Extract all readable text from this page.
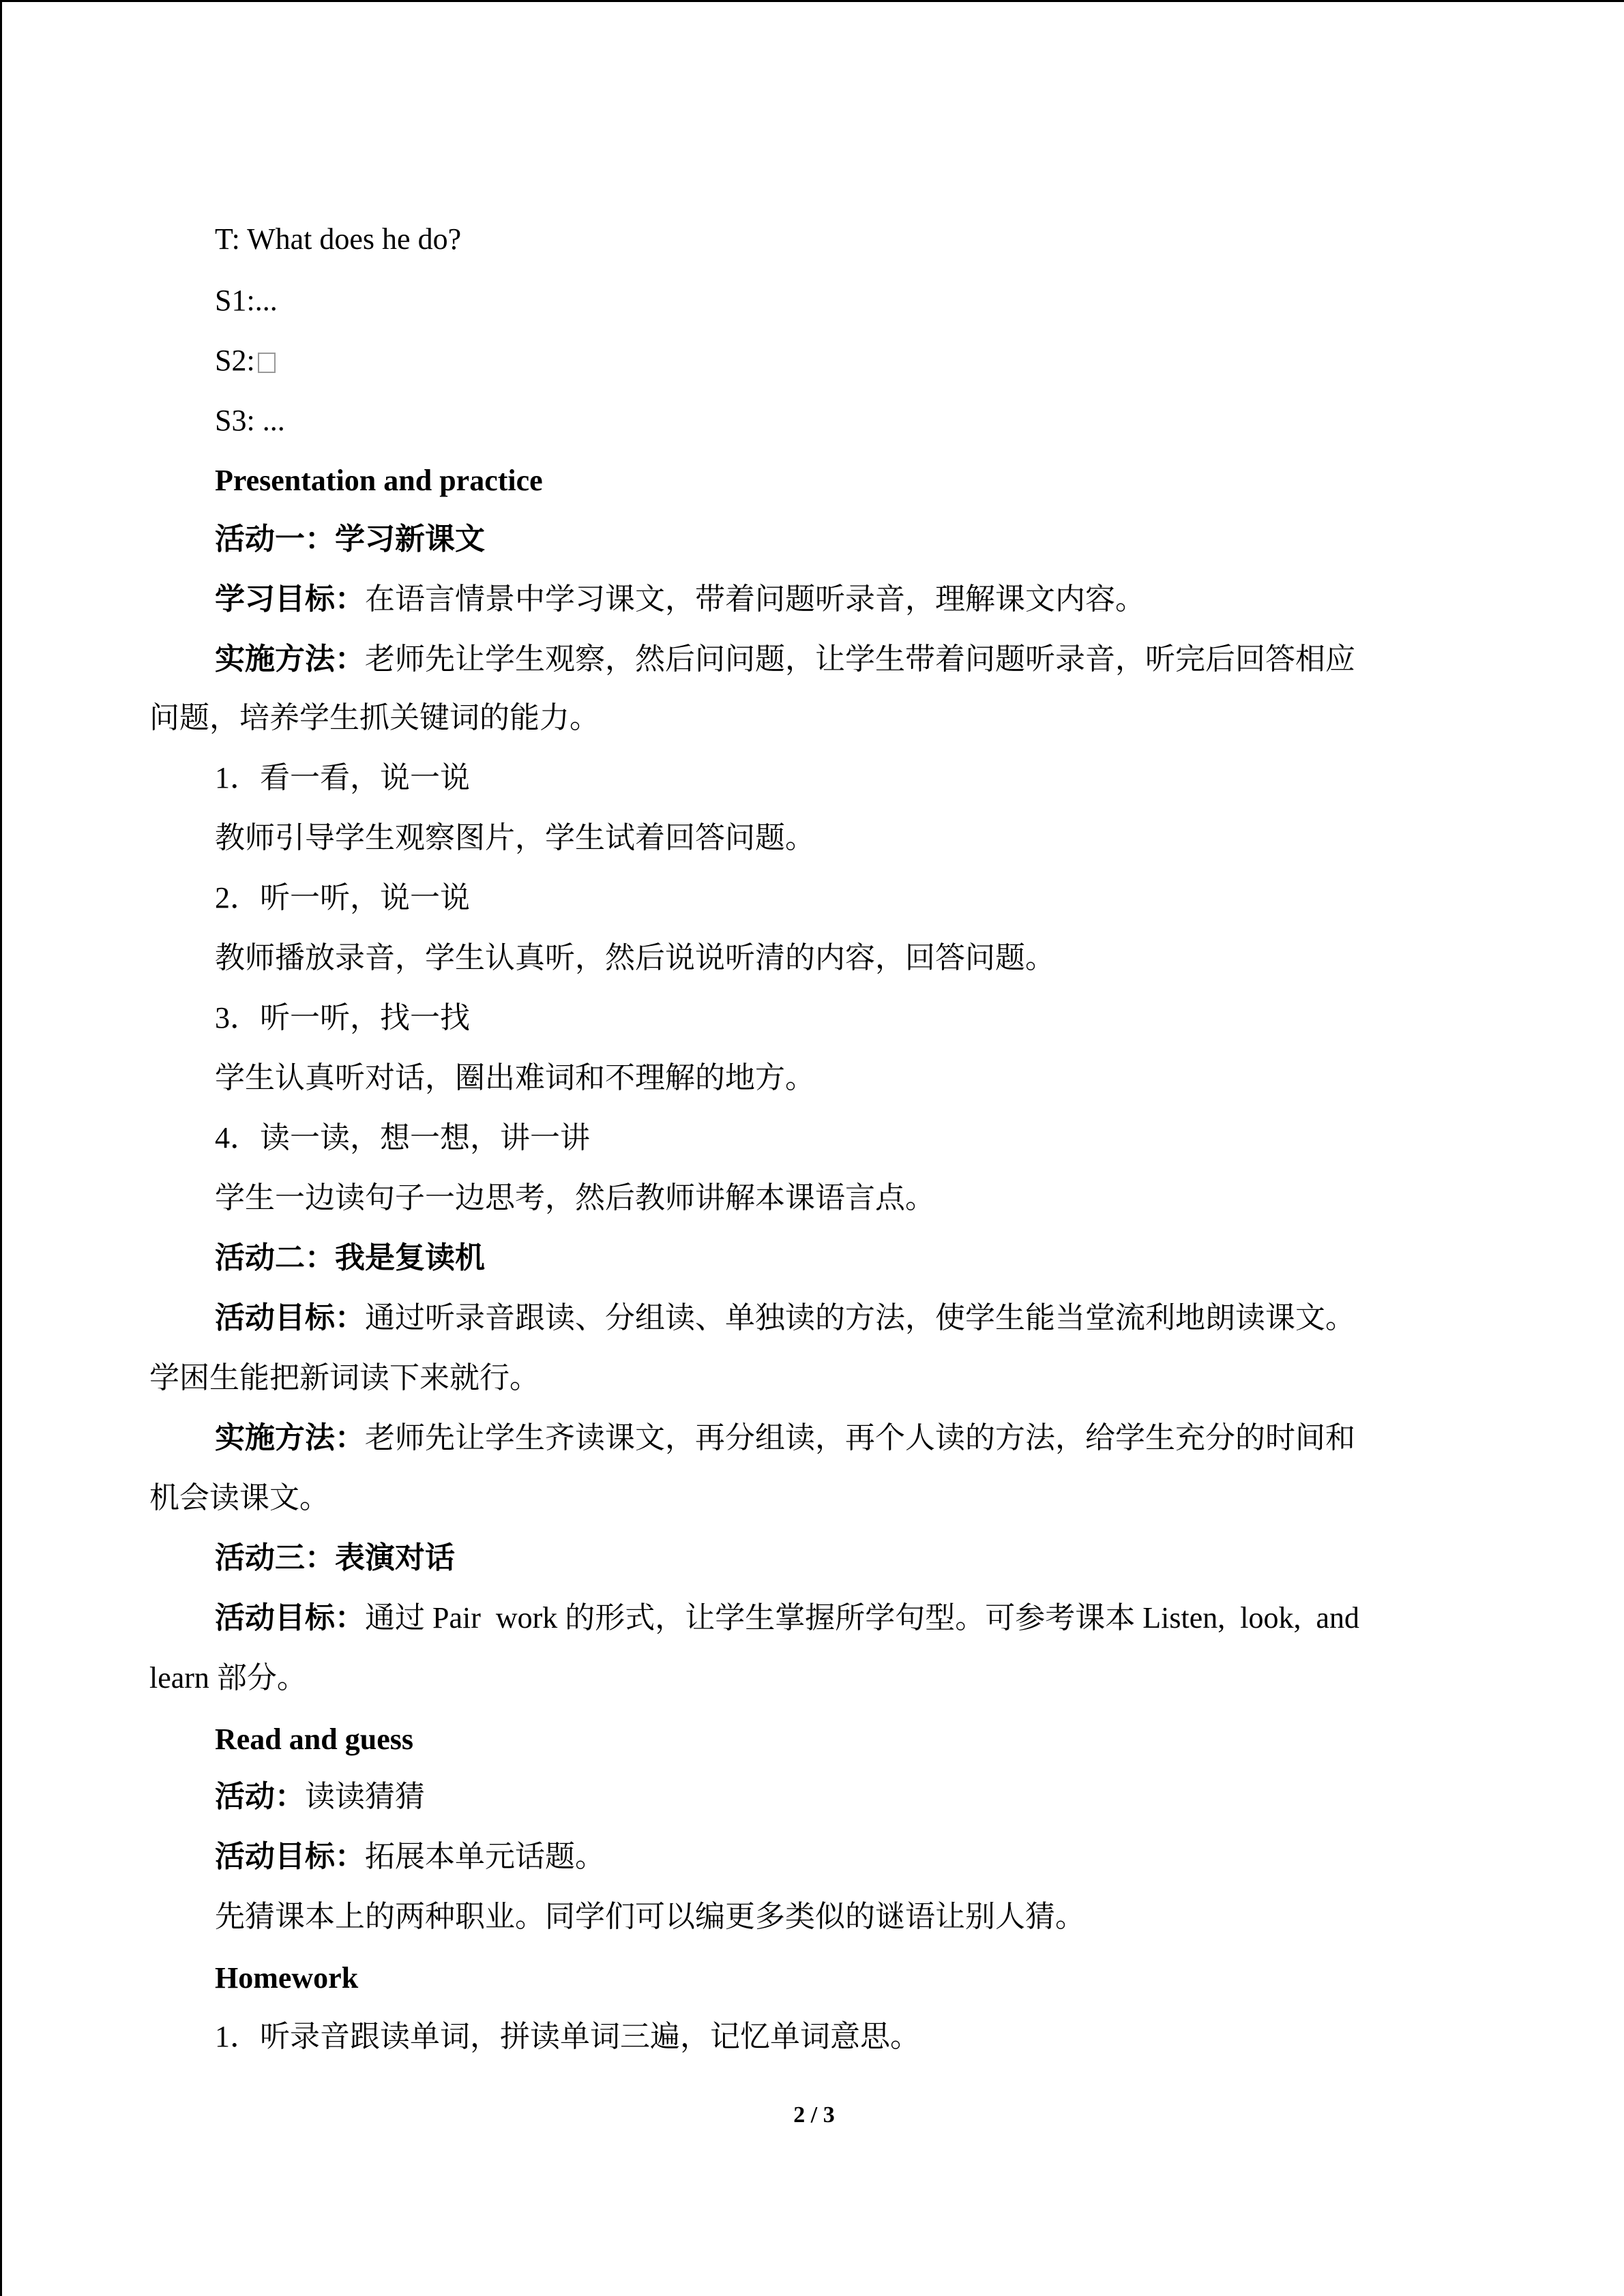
T: What does he do?
S1:...
S2:
S3: ...
Presentation and practice
活动一：学习新课文
学习目标：在语言情景中学习课文，带着问题听录音，理解课文内容。
实施方法：老师先让学生观察，然后问问题，让学生带着问题听录音，听完后回答相应
问题，培养学生抓关键词的能力。
1．看一看，说一说
教师引导学生观察图片，学生试着回答问题。
2．听一听，说一说
教师播放录音，学生认真听，然后说说听清的内容，回答问题。
3．听一听，找一找
学生认真听对话，圈出难词和不理解的地方。
4．读一读，想一想，讲一讲
学生一边读句子一边思考，然后教师讲解本课语言点。
活动二：我是复读机
活动目标：通过听录音跟读、分组读、单独读的方法，使学生能当堂流利地朗读课文。
学困生能把新词读下来就行。
实施方法：老师先让学生齐读课文，再分组读，再个人读的方法，给学生充分的时间和
机会读课文。
活动三：表演对话
活动目标：通过 Pair  work 的形式，让学生掌握所学句型。可参考课本 Listen,  look,  and
learn 部分。
Read and guess
活动：读读猜猜
活动目标：拓展本单元话题。
先猜课本上的两种职业。同学们可以编更多类似的谜语让别人猜。
Homework
1．听录音跟读单词，拼读单词三遍，记忆单词意思。
2 / 3
